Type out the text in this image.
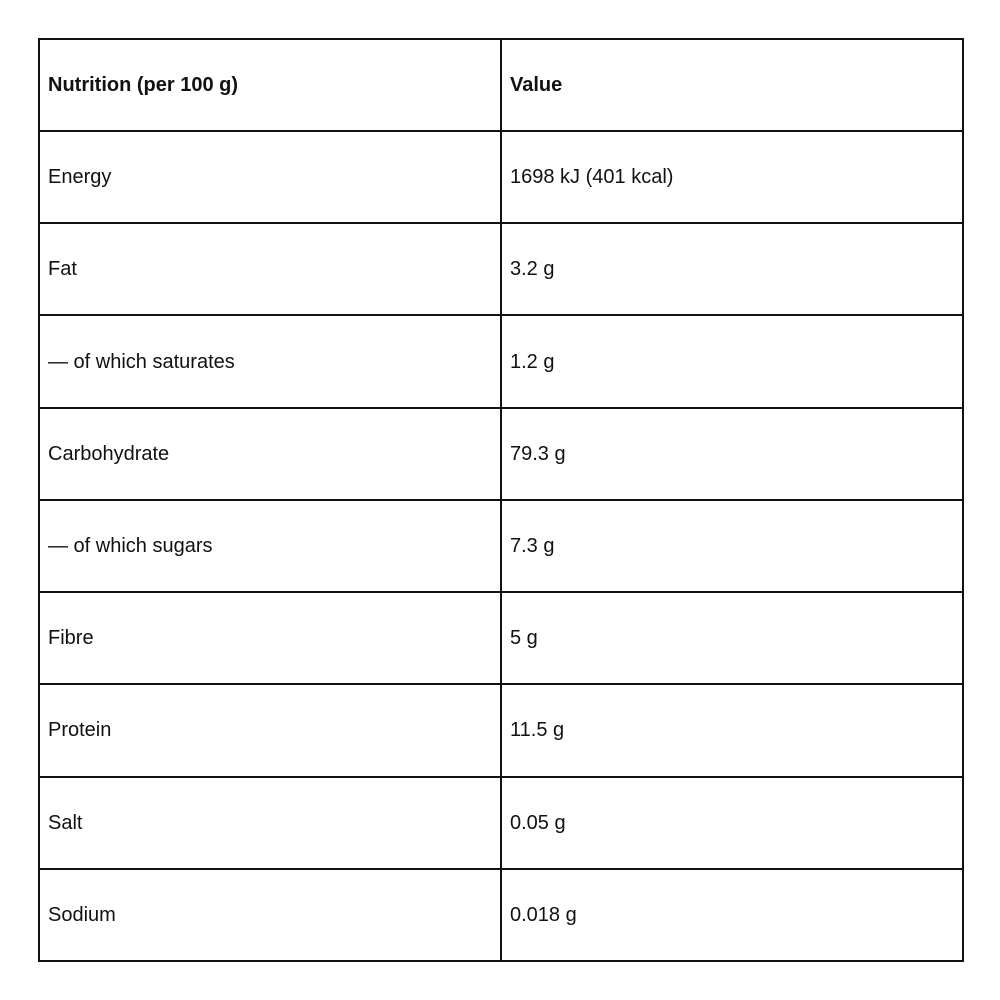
Nutrition (per 100 g)	Value
Energy	1698 kJ (401 kcal)
Fat	3.2 g
— of which saturates	1.2 g
Carbohydrate	79.3 g
— of which sugars	7.3 g
Fibre	5 g
Protein	11.5 g
Salt	0.05 g
Sodium	0.018 g
